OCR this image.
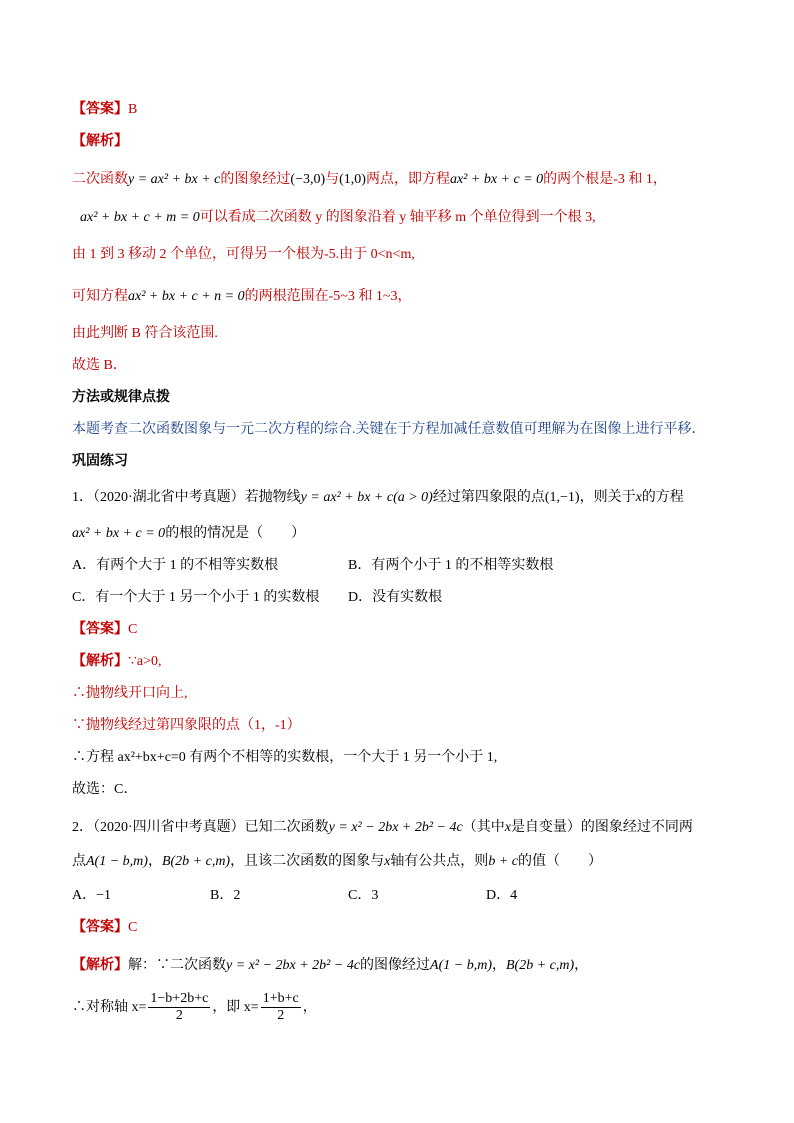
【答案】B
【解析】
二次函数y = ax² + bx + c的图象经过(−3,0)与(1,0)两点，即方程ax² + bx + c = 0的两个根是-3 和 1，
ax² + bx + c + m = 0可以看成二次函数 y 的图象沿着 y 轴平移 m 个单位得到一个根 3,
由 1 到 3 移动 2 个单位，可得另一个根为-5.由于 0<n<m,
可知方程ax² + bx + c + n = 0的两根范围在-5~3 和 1~3，
由此判断 B 符合该范围.
故选 B．
方法或规律点拨
本题考查二次函数图象与一元二次方程的综合.关键在于方程加减任意数值可理解为在图像上进行平移．
巩固练习
1．（2020·湖北省中考真题）若抛物线y = ax² + bx + c(a > 0)经过第四象限的点(1,−1)，则关于x的方程
ax² + bx + c = 0的根的情况是（　　）
A．有两个大于 1 的不相等实数根	B．有两个小于 1 的不相等实数根
C．有一个大于 1 另一个小于 1 的实数根 D．没有实数根
【答案】C
【解析】∵a>0,
∴抛物线开口向上,
∵抛物线经过第四象限的点（1，-1）
∴方程 ax²+bx+c=0 有两个不相等的实数根，一个大于 1 另一个小于 1,
故选：C．
2．（2020·四川省中考真题）已知二次函数y = x² − 2bx + 2b² − 4c（其中x是自变量）的图象经过不同两
点A(1 − b,m)，B(2b + c,m)，且该二次函数的图象与x轴有公共点，则b + c的值（　　）
A．−1	B．2	C．3	D．4
【答案】C
【解析】解：∵二次函数y = x² − 2bx + 2b² − 4c的图像经过A(1 − b,m)，B(2b + c,m)，
∴对称轴 $x= \frac{1-b+2b+c}{2}$ ，即 $x= \frac{1+b+c}{2}$ ，
